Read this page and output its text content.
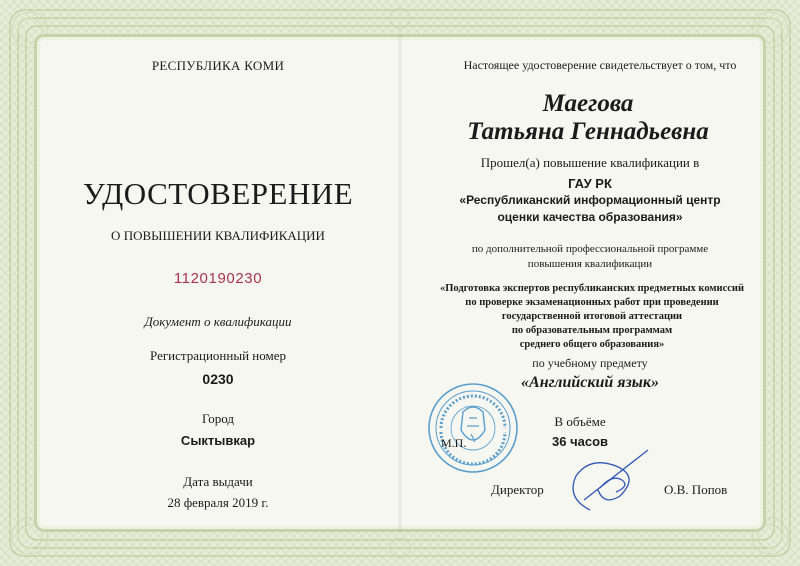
РЕСПУБЛИКА КОМИ
УДОСТОВЕРЕНИЕ
О ПОВЫШЕНИИ КВАЛИФИКАЦИИ
1120190230
Документ о квалификации
Регистрационный номер
0230
Город
Сыктывкар
Дата выдачи
28 февраля 2019 г.
Настоящее удостоверение свидетельствует о том, что
Маегова
Татьяна Геннадьевна
Прошел(а) повышение квалификации в
ГАУ РК
«Республиканский информационный центр
оценки качества образования»
по дополнительной профессиональной программе
повышения квалификации
«Подготовка экспертов республиканских предметных комиссий
по проверке экзаменационных работ при проведении
государственной итоговой аттестации
по образовательным программам
среднего общего образования»
по учебному предмету
«Английский язык»
М.П.
В объёме
36 часов
Директор	О.В. Попов
